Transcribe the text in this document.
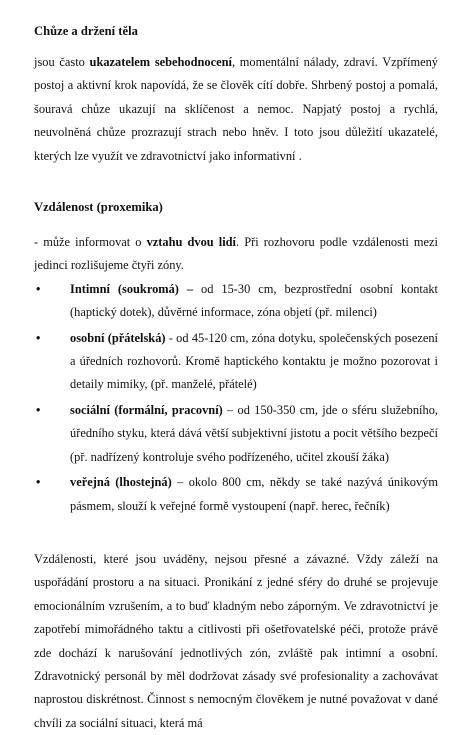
Chůze a držení těla

jsou často ukazatelem sebehodnocení, momentální nálady, zdraví. Vzpřímený postoj a aktivní krok napovídá, že se člověk cítí dobře. Shrbený postoj a pomalá, šouravá chůze ukazují na sklíčenost a nemoc. Napjatý postoj a rychlá, neuvolněná chůze prozrazují strach nebo hněv. I toto jsou důležití ukazatelé, kterých lze využít ve zdravotnictví jako informativní .

Vzdálenost (proxemika)

- může informovat o vztahu dvou lidí. Při rozhovoru podle vzdálenosti mezi jedinci rozlišujeme čtyři zóny.

• Intimní (soukromá) – od 15-30 cm, bezprostřední osobní kontakt (haptický dotek), důvěrné informace, zóna objetí (př. milenci)
• osobní (přátelská) - od 45-120 cm, zóna dotyku, společenských posezení a úředních rozhovorů. Kromě haptického kontaktu je možno pozorovat i detaily mimiky, (př. manželé, přátelé)
• sociální (formální, pracovní) – od 150-350 cm, jde o sféru služebního, úředního styku, která dává větší subjektivní jistotu a pocit většího bezpečí (př. nadřízený kontroluje svého podřízeného, učitel zkouší žáka)
• veřejná (lhostejná) – okolo 800 cm, někdy se také nazývá únikovým pásmem, slouží k veřejné formě vystoupení (např. herec, řečník)

Vzdálenosti, které jsou uváděny, nejsou přesné a závazné. Vždy záleží na uspořádání prostoru a na situaci. Pronikání z jedné sféry do druhé se projevuje emocionálním vzrušením, a to buď kladným nebo záporným. Ve zdravotnictví je zapotřebí mimořádného taktu a citlivosti při ošetřovatelské péči, protože právě zde dochází k narušování jednotlivých zón, zvláště pak intimní a osobní. Zdravotnický personál by měl dodržovat zásady své profesionality a zachovávat naprostou diskrétnost. Činnost s nemocným člověkem je nutné považovat v dané chvíli za sociální situaci, která má
